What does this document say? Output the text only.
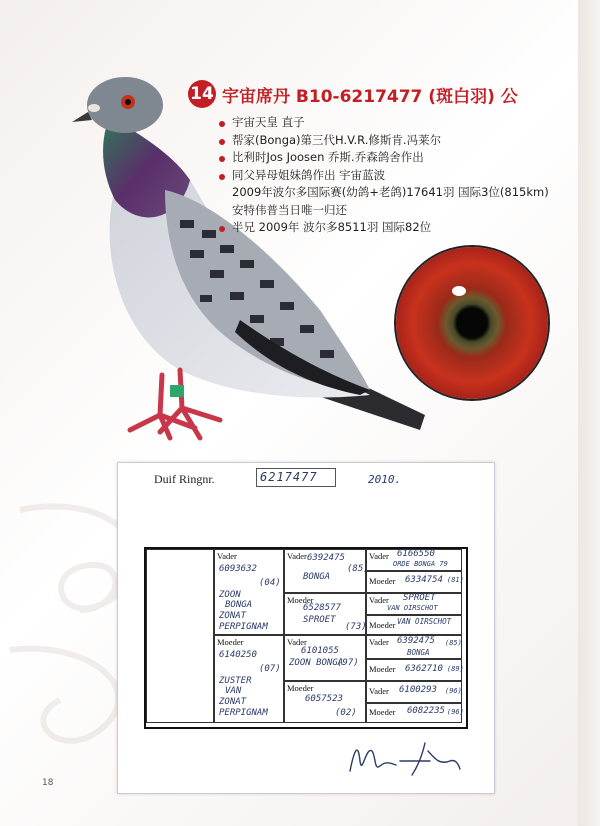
14 宇宙席丹 B10-6217477 (斑白羽) 公
宇宙天皇 直子
帮家(Bonga)第三代H.V.R.修斯肯.冯莱尔
比利时Jos Joosen 乔斯.乔森鸽舍作出
同父异母姐妹鸽作出 宇宙蓝波
2009年波尔多国际赛(幼鸽+老鸽)17641羽 国际3位(815km)
安特伟普当日唯一归还
半兄 2009年 波尔多8511羽 国际82位
Duif Ringnr.	6217477	2010.
Vader
6093632
(04)
ZOON
BONGA
ZONAT
PERPIGNAM
Moeder
6140250
(07)
ZUSTER
VAN
ZONAT
PERPIGNAM
Vader 6392475
(85)
BONGA
Moeder
6528577
SPROET
(73)
Vader
6101055
ZOON BONGA
(97)
Moeder
6057523
(02)
Vader 6166550
ORDE BONGA 79
Moeder 6334754 (81)
Vader SPROET
VAN OIRSCHOT
Moeder VAN OIRSCHOT
Vader 6392475 (85)
BONGA
Moeder 6362710 (89)
Vader 6100293 (96)
Moeder 6082235 (96)
18
